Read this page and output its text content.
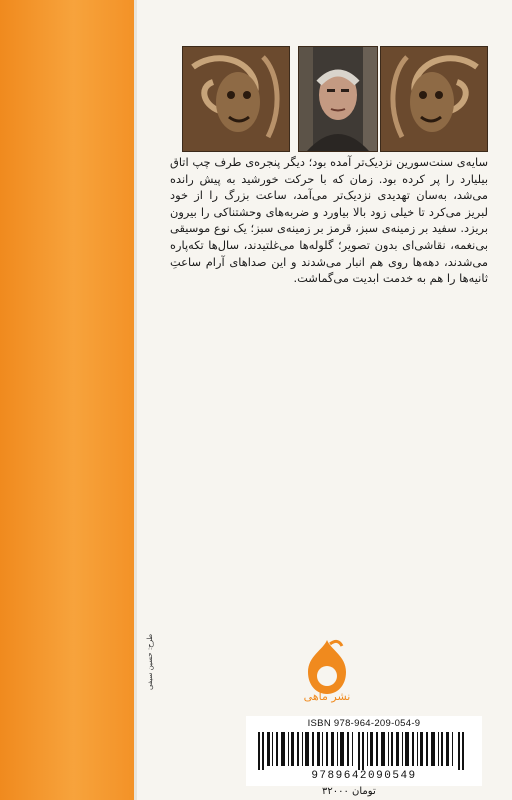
سایه‌ی سنت‌سورین نزدیک‌تر آمده بود؛ دیگر پنجره‌ی طرف چپ اتاق بیلیارد را پر کرده بود. زمان که با حرکت خورشید به پیش رانده می‌شد، به‌سان تهدیدی نزدیک‌تر می‌آمد، ساعت بزرگ را از خود لبریز می‌کرد تا خیلی زود بالا بیاورد و ضربه‌های وحشتناکی را بیرون بریزد. سفید بر زمینه‌ی سبز، قرمز بر زمینه‌ی سبز؛ یک نوع موسیقی بی‌نغمه، نقاشی‌ای بدون تصویر؛ گلوله‌ها می‌غلتیدند، سال‌ها تکه‌پاره می‌شدند، دهه‌ها روی هم انبار می‌شدند و این صداهای آرام ساعتِ ثانیه‌ها را هم به خدمت ابدیت می‌گماشت.
نشر ماهی
طرح: حسین سیفی
ISBN 978-964-209-054-9
9789642090549
تومان ۳۲۰۰۰
